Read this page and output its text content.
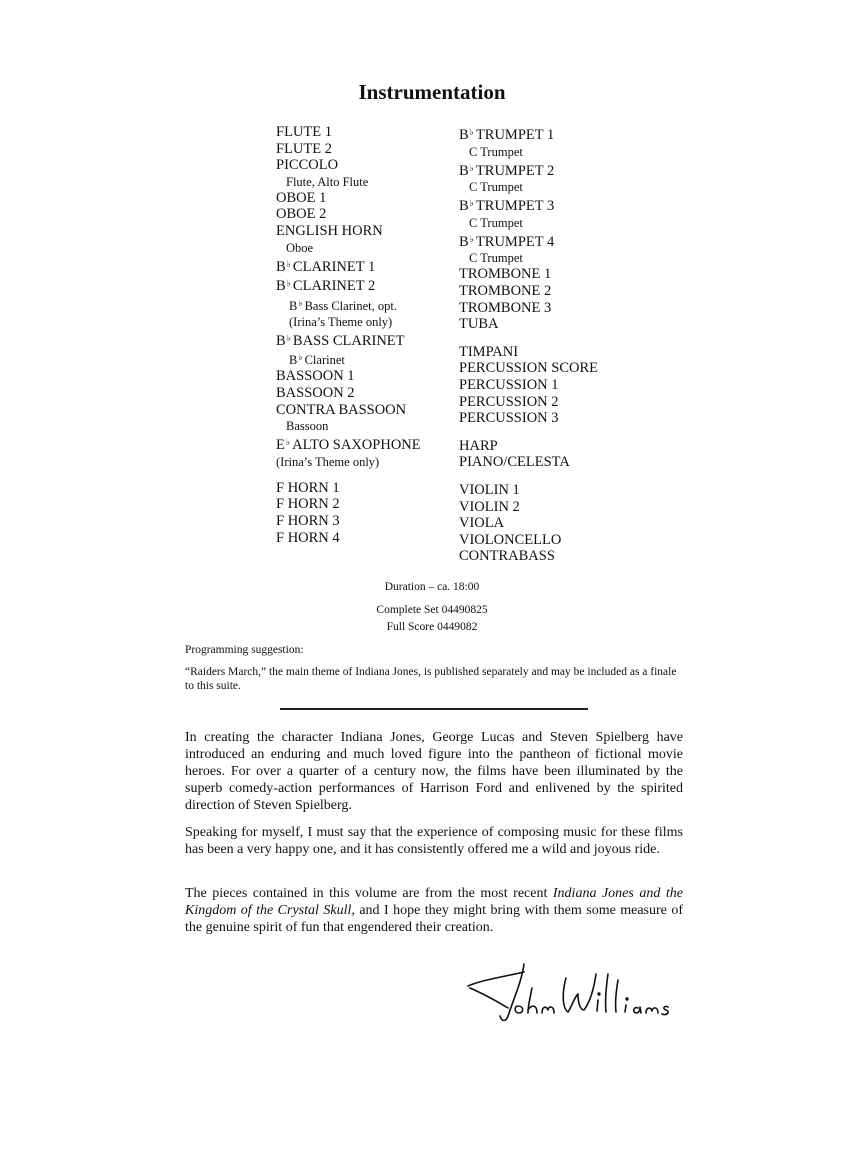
Instrumentation
FLUTE 1
FLUTE 2
PICCOLO
Flute, Alto Flute
OBOE 1
OBOE 2
ENGLISH HORN
Oboe
B♭ CLARINET 1
B♭ CLARINET 2
B♭ Bass Clarinet, opt.
(Irina’s Theme only)
B♭ BASS CLARINET
B♭ Clarinet
BASSOON 1
BASSOON 2
CONTRA BASSOON
Bassoon
E♭ ALTO SAXOPHONE
(Irina’s Theme only)
F HORN 1
F HORN 2
F HORN 3
F HORN 4
B♭ TRUMPET 1
C Trumpet
B♭ TRUMPET 2
C Trumpet
B♭ TRUMPET 3
C Trumpet
B♭ TRUMPET 4
C Trumpet
TROMBONE 1
TROMBONE 2
TROMBONE 3
TUBA
TIMPANI
PERCUSSION SCORE
PERCUSSION 1
PERCUSSION 2
PERCUSSION 3
HARP
PIANO/CELESTA
VIOLIN 1
VIOLIN 2
VIOLA
VIOLONCELLO
CONTRABASS
Duration – ca. 18:00
Complete Set 04490825
Full Score 0449082
Programming suggestion:
“Raiders March,” the main theme of Indiana Jones, is published separately and may be included as a finale to this suite.

In creating the character Indiana Jones, George Lucas and Steven Spielberg have introduced an enduring and much loved figure into the pantheon of fictional movie heroes. For over a quarter of a century now, the films have been illuminated by the superb comedy-action performances of Harrison Ford and enlivened by the spirited direction of Steven Spielberg.

Speaking for myself, I must say that the experience of composing music for these films has been a very happy one, and it has consistently offered me a wild and joyous ride.

The pieces contained in this volume are from the most recent Indiana Jones and the Kingdom of the Crystal Skull, and I hope they might bring with them some measure of the genuine spirit of fun that engendered their creation.
